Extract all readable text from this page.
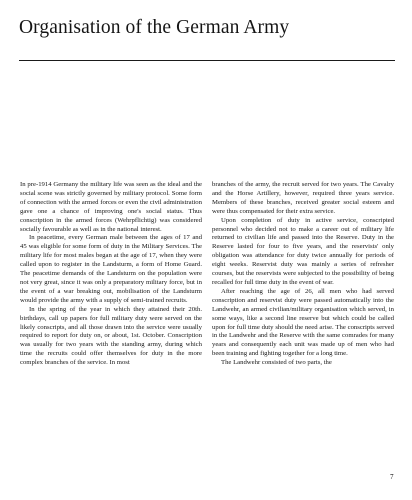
Organisation of the German Army

In pre-1914 Germany the military life was seen as the ideal and the social scene was strictly governed by military protocol. Some form of connection with the armed forces or even the civil administration gave one a chance of improving one's social status. Thus conscription in the armed forces (Wehrpflichtig) was considered socially favourable as well as in the national interest.

In peacetime, every German male between the ages of 17 and 45 was eligible for some form of duty in the Military Services. The military life for most males began at the age of 17, when they were called upon to register in the Landsturm, a form of Home Guard. The peacetime demands of the Landsturm on the population were not very great, since it was only a preparatory military force, but in the event of a war breaking out, mobilisation of the Landsturm would provide the army with a supply of semi-trained recruits.

In the spring of the year in which they attained their 20th. birthdays, call up papers for full military duty were served on the likely conscripts, and all those drawn into the service were usually required to report for duty on, or about, 1st. October. Conscription was usually for two years with the standing army, during which time the recruits could offer themselves for duty in the more complex branches of the service. In most

branches of the army, the recruit served for two years. The Cavalry and the Horse Artillery, however, required three years service. Members of these branches, received greater social esteem and were thus compensated for their extra service.

Upon completion of duty in active service, conscripted personnel who decided not to make a career out of military life returned to civilian life and passed into the Reserve. Duty in the Reserve lasted for four to five years, and the reservists' only obligation was attendance for duty twice annually for periods of eight weeks. Reservist duty was mainly a series of refresher courses, but the reservists were subjected to the possibility of being recalled for full time duty in the event of war.

After reaching the age of 26, all men who had served conscription and reservist duty were passed automatically into the Landwehr, an armed civilian/military organisation which served, in some ways, like a second line reserve but which could be called upon for full time duty should the need arise. The conscripts served in the Landwehr and the Reserve with the same comrades for many years and consequently each unit was made up of men who had been training and fighting together for a long time.

The Landwehr consisted of two parts, the

7
